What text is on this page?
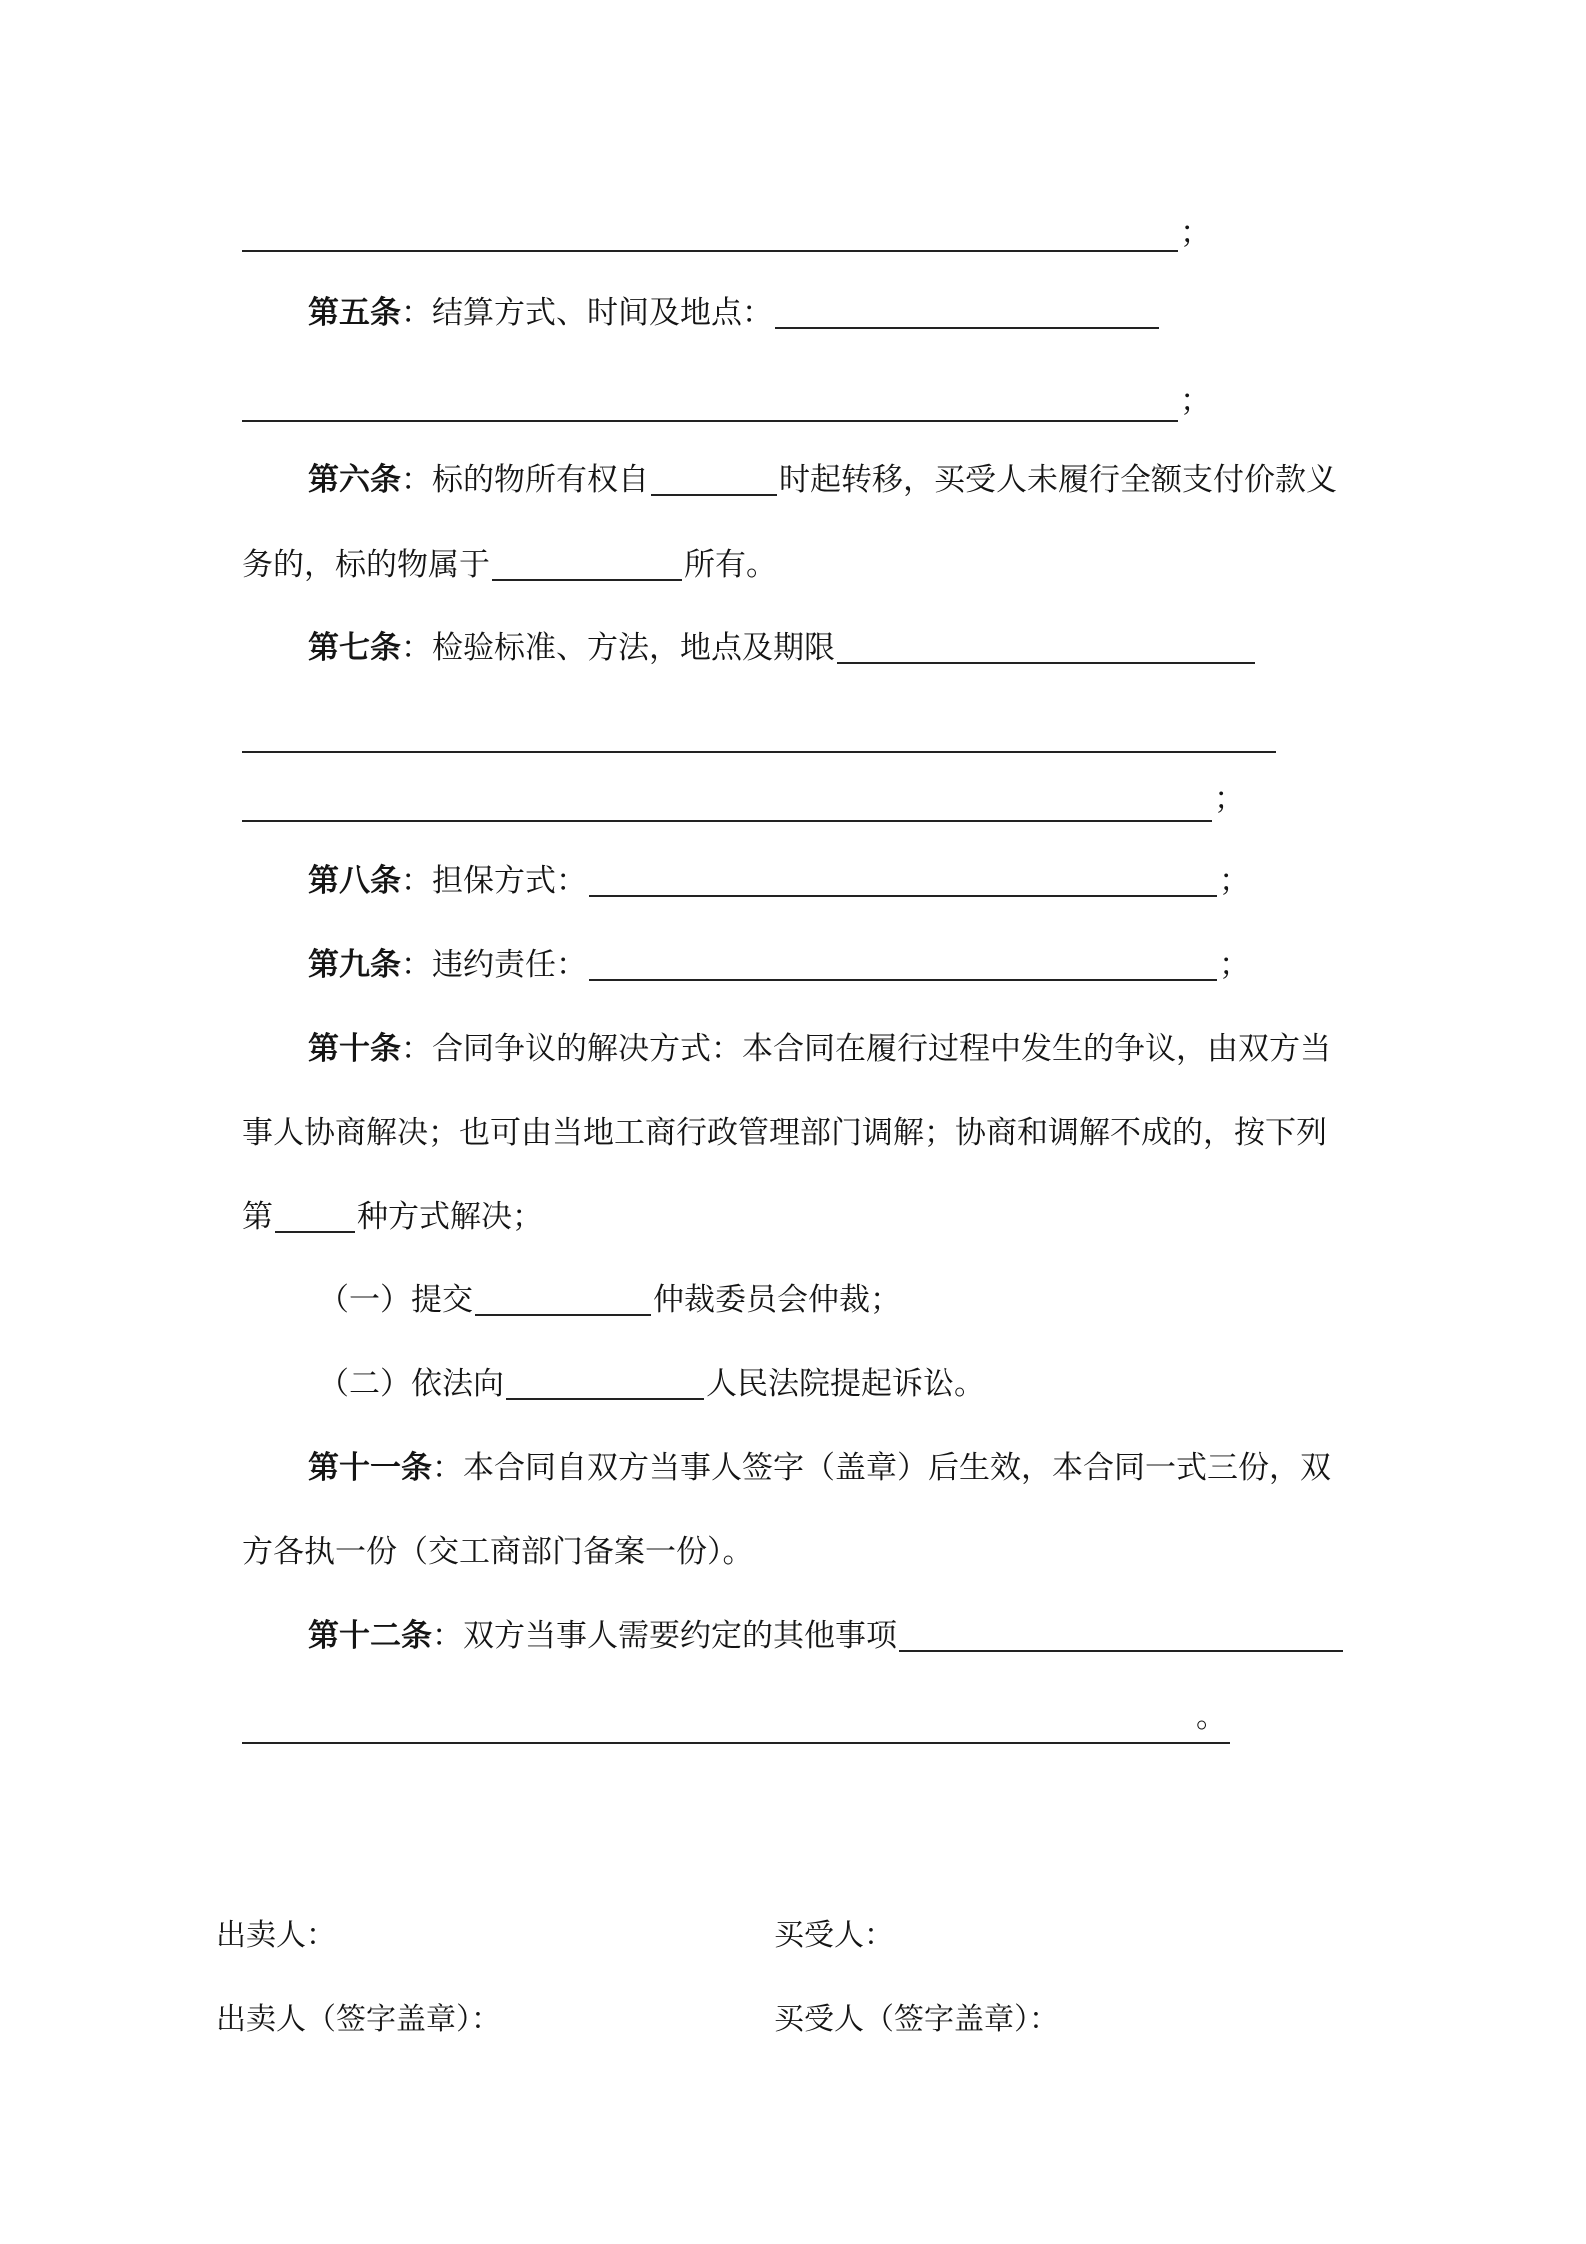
；
第五条：结算方式、时间及地点：
；
第六条：标的物所有权自	时起转移，买受人未履行全额支付价款义
务的，标的物属于	所有。
第七条：检验标准、方法，地点及期限
；
第八条：担保方式：	；
第九条：违约责任：	；
第十条：合同争议的解决方式：本合同在履行过程中发生的争议，由双方当
事人协商解决；也可由当地工商行政管理部门调解；协商和调解不成的，按下列
第	种方式解决；
（一）提交	仲裁委员会仲裁；
（二）依法向	人民法院提起诉讼。
第十一条：本合同自双方当事人签字（盖章）后生效，本合同一式三份，双
方各执一份（交工商部门备案一份）。
第十二条：双方当事人需要约定的其他事项
。
出卖人：	买受人：
出卖人（签字盖章）：	买受人（签字盖章）：
